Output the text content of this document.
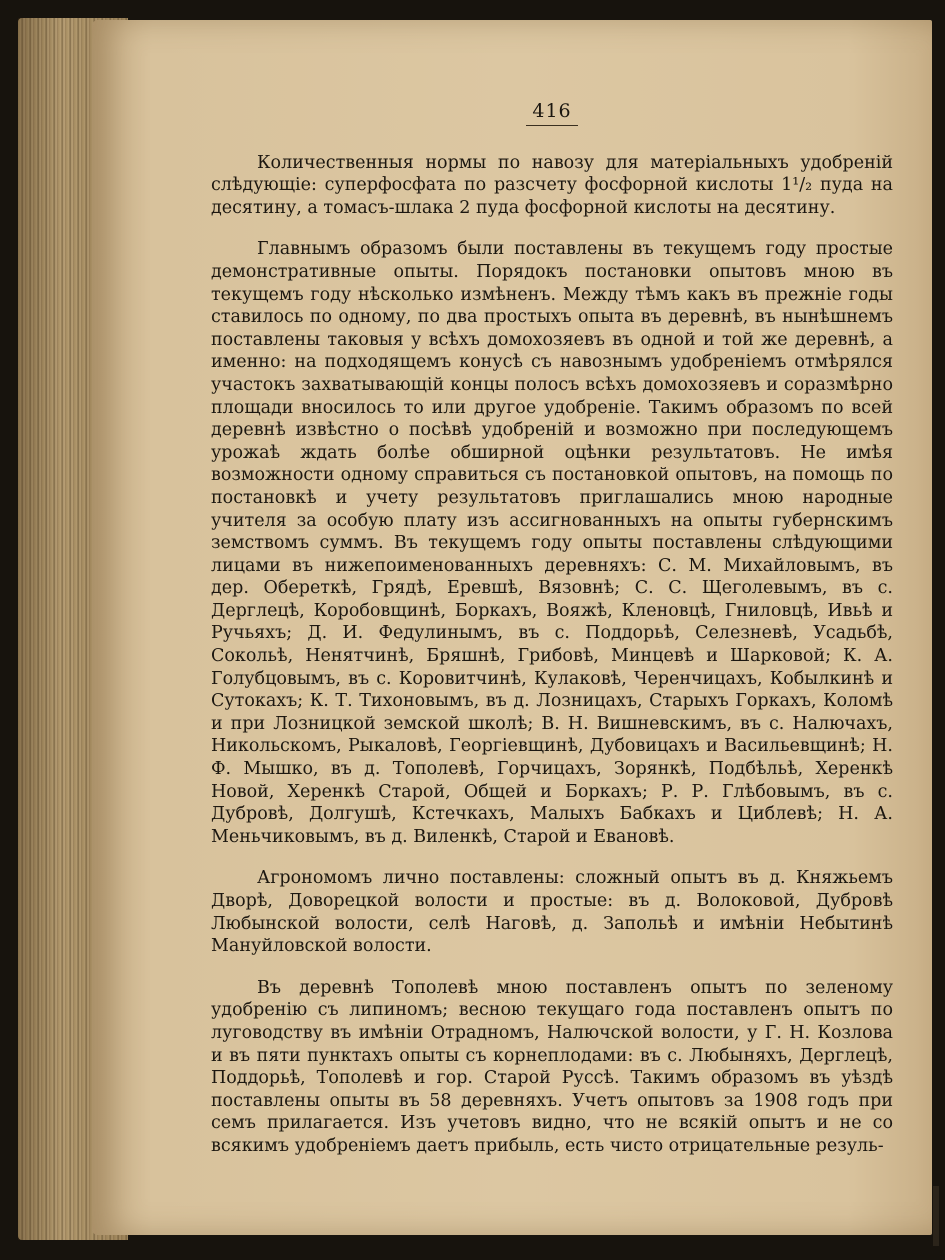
416

Количественныя нормы по навозу для матеріальныхъ удобреній слѣдующіе: суперфосфата по разсчету фосфорной кислоты 1¹/₂ пуда на десятину, а томасъ-шлака 2 пуда фосфорной кислоты на десятину.

Главнымъ образомъ были поставлены въ текущемъ году простые демонстративные опыты. Порядокъ постановки опытовъ мною въ текущемъ году нѣсколько измѣненъ. Между тѣмъ какъ въ прежніе годы ставилось по одному, по два простыхъ опыта въ деревнѣ, въ нынѣшнемъ поставлены таковыя у всѣхъ домохозяевъ въ одной и той же деревнѣ, а именно: на подходящемъ конусѣ съ навознымъ удобреніемъ отмѣрялся участокъ захватывающій концы полосъ всѣхъ домохозяевъ и соразмѣрно площади вносилось то или другое удобреніе. Такимъ образомъ по всей деревнѣ извѣстно о посѣвѣ удобреній и возможно при последующемъ урожаѣ ждать болѣе обширной оцѣнки результатовъ. Не имѣя возможности одному справиться съ постановкой опытовъ, на помощь по постановкѣ и учету результатовъ приглашались мною народные учителя за особую плату изъ ассигнованныхъ на опыты губернскимъ земствомъ суммъ. Въ текущемъ году опыты поставлены слѣдующими лицами въ нижепоименованныхъ деревняхъ: С. М. Михайловымъ, въ дер. Обереткѣ, Грядѣ, Еревшѣ, Вязовнѣ; С. С. Щеголевымъ, въ с. Дерглецѣ, Коробовщинѣ, Боркахъ, Вояжѣ, Кленовцѣ, Гниловцѣ, Ивьѣ и Ручьяхъ; Д. И. Федулинымъ, въ с. Поддорьѣ, Селезневѣ, Усадьбѣ, Сокольѣ, Ненятчинѣ, Бряшнѣ, Грибовѣ, Минцевѣ и Шарковой; К. А. Голубцовымъ, въ с. Коровитчинѣ, Кулаковѣ, Черенчицахъ, Кобылкинѣ и Сутокахъ; К. Т. Тихоновымъ, въ д. Лозницахъ, Старыхъ Горкахъ, Коломѣ и при Лозницкой земской школѣ; В. Н. Вишневскимъ, въ с. Налючахъ, Никольскомъ, Рыкаловѣ, Георгіевщинѣ, Дубовицахъ и Васильевщинѣ; Н. Ф. Мышко, въ д. Тополевѣ, Горчицахъ, Зорянкѣ, Подбѣльѣ, Херенкѣ Новой, Херенкѣ Старой, Общей и Боркахъ; Р. Р. Глѣбовымъ, въ с. Дубровѣ, Долгушѣ, Кстечкахъ, Малыхъ Бабкахъ и Циблевѣ; Н. А. Меньчиковымъ, въ д. Виленкѣ, Старой и Евановѣ.

Агрономомъ лично поставлены: сложный опытъ въ д. Княжьемъ Дворѣ, Доворецкой волости и простые: въ д. Волоковой, Дубровѣ Любынской волости, селѣ Наговѣ, д. Запольѣ и имѣніи Небытинѣ Мануйловской волости.

Въ деревнѣ Тополевѣ мною поставленъ опытъ по зеленому удобренію съ липиномъ; весною текущаго года поставленъ опытъ по луговодству въ имѣніи Отрадномъ, Налючской волости, у Г. Н. Козлова и въ пяти пунктахъ опыты съ корнеплодами: въ с. Любыняхъ, Дерглецѣ, Поддорьѣ, Тополевѣ и гор. Старой Руссѣ. Такимъ образомъ въ уѣздѣ поставлены опыты въ 58 деревняхъ. Учетъ опытовъ за 1908 годъ при семъ прилагается. Изъ учетовъ видно, что не всякій опытъ и не со всякимъ удобреніемъ даетъ прибыль, есть чисто отрицательные резуль-
